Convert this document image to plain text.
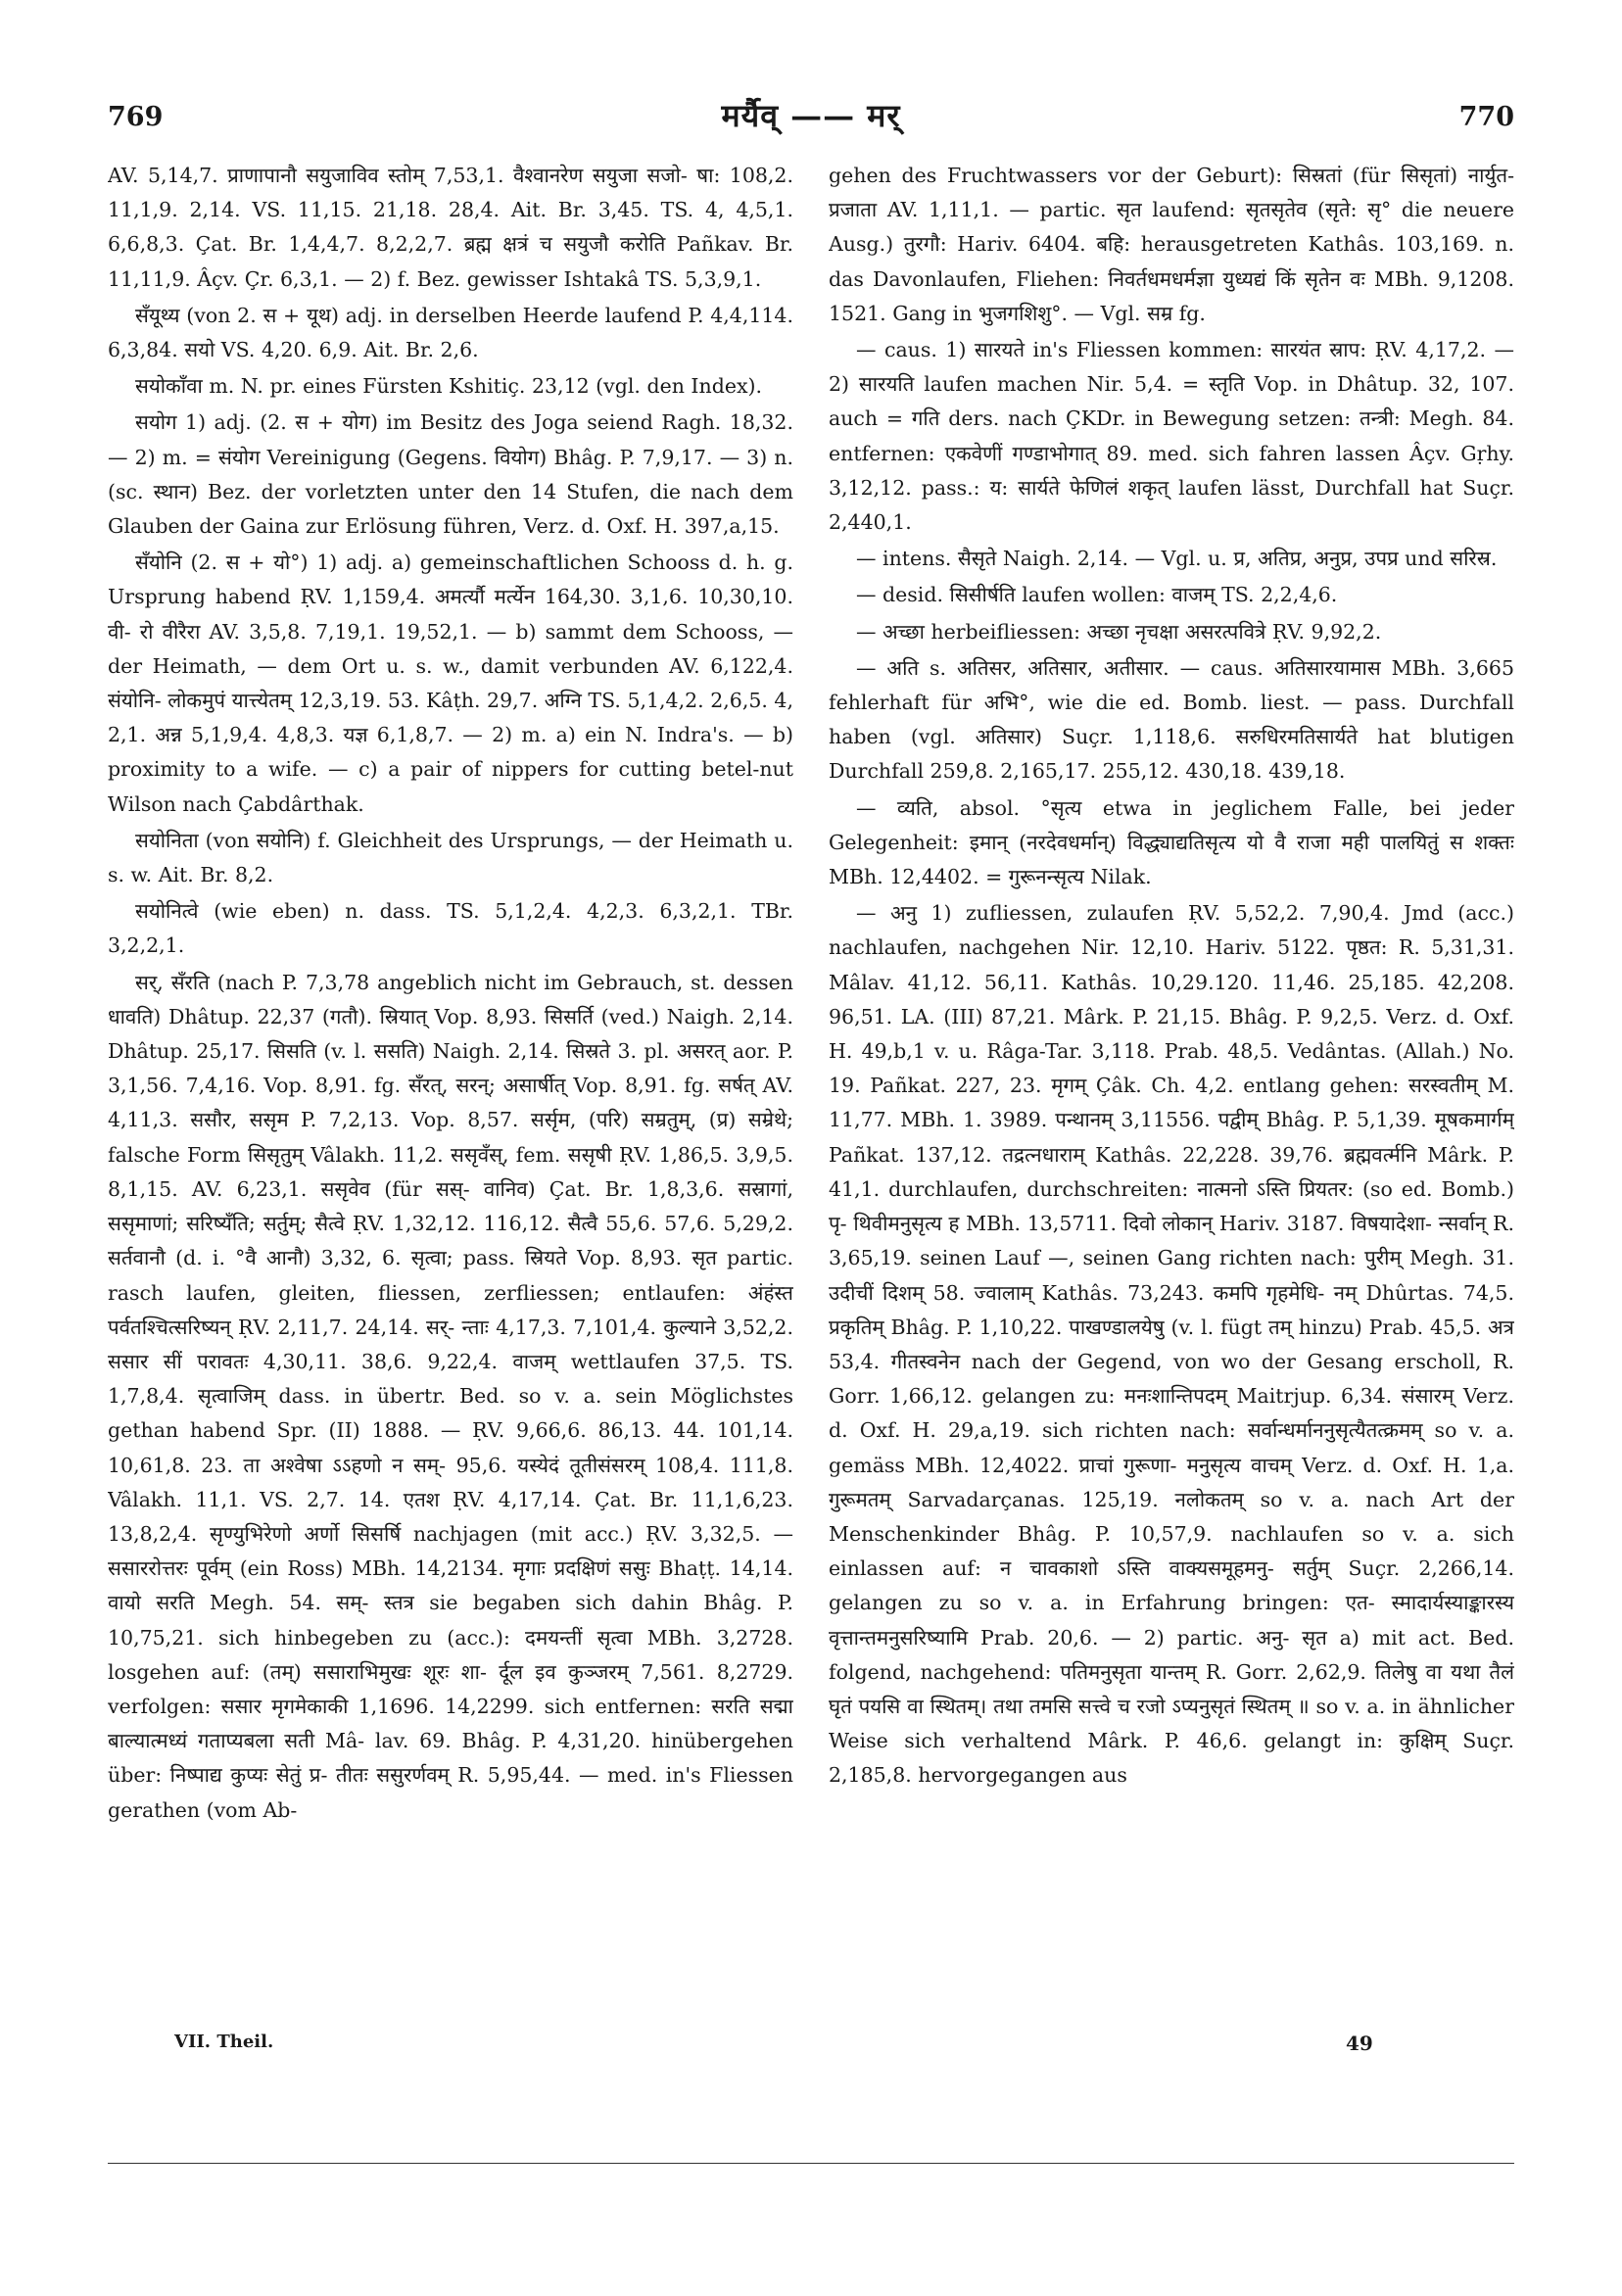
769	मर्यैव् —— मर्	770

AV. 5,14,7. प्राणापानौ सयुजाविव स्तोम् 7,53,1. वैश्वानरेण सयुजा सजो- षा: 108,2. 11,1,9. 2,14. VS. 11,15. 21,18. 28,4. Ait. Br. 3,45. TS. 4, 4,5,1. 6,6,8,3. Çat. Br. 1,4,4,7. 8,2,2,7. ब्रह्म क्षत्रं च सयुजौ करोति Pañkav. Br. 11,11,9. Âçv. Çr. 6,3,1. — 2) f. Bez. gewisser Ishtakâ TS. 5,3,9,1.

सँयूथ्य (von 2. स + यूथ) adj. in derselben Heerde laufend P. 4,4,114. 6,3,84. सयो VS. 4,20. 6,9. Ait. Br. 2,6.

सयोकाँवा m. N. pr. eines Fürsten Kshitiç. 23,12 (vgl. den Index).

सयोग 1) adj. (2. स + योग) im Besitz des Joga seiend Ragh. 18,32. — 2) m. = संयोग Vereinigung (Gegens. वियोग) Bhâg. P. 7,9,17. — 3) n. (sc. स्थान) Bez. der vorletzten unter den 14 Stufen, die nach dem Glauben der Gaina zur Erlösung führen, Verz. d. Oxf. H. 397,a,15.

सँयोनि (2. स + यो°) 1) adj. a) gemeinschaftlichen Schooss d. h. g. Ursprung habend ṚV. 1,159,4. अमर्त्यौ मर्त्येन 164,30. 3,1,6. 10,30,10. वी- रो वीरैरा AV. 3,5,8. 7,19,1. 19,52,1. — b) sammt dem Schooss, — der Heimath, — dem Ort u. s. w., damit verbunden AV. 6,122,4. संयोनि- लोकमुपं यात्त्येतम् 12,3,19. 53. Kâṭh. 29,7. अग्नि TS. 5,1,4,2. 2,6,5. 4, 2,1. अन्न 5,1,9,4. 4,8,3. यज्ञ 6,1,8,7. — 2) m. a) ein N. Indra's. — b) proximity to a wife. — c) a pair of nippers for cutting betel-nut Wilson nach Çabdârthak.

सयोनिता (von सयोनि) f. Gleichheit des Ursprungs, — der Heimath u. s. w. Ait. Br. 8,2.

सयोनित्वे (wie eben) n. dass. TS. 5,1,2,4. 4,2,3. 6,3,2,1. TBr. 3,2,2,1.

सर्, सँरति (nach P. 7,3,78 angeblich nicht im Gebrauch, st. dessen धावति) Dhâtup. 22,37 (गतौ). स्रियात् Vop. 8,93. सिसर्ति (ved.) Naigh. 2,14. Dhâtup. 25,17. सिसति (v. l. ससति) Naigh. 2,14. सिस्रते 3. pl. असरत् aor. P. 3,1,56. 7,4,16. Vop. 8,91. fg. सँरत्, सरन्; असार्षीत् Vop. 8,91. fg. सर्षत् AV. 4,11,3. ससौर, ससृम P. 7,2,13. Vop. 8,57. सर्सृम, (परि) सम्रतुम्, (प्र) सम्रेथे; falsche Form सिसृतुम् Vâlakh. 11,2. ससृवँस्, fem. ससृषी ṚV. 1,86,5. 3,9,5. 8,1,15. AV. 6,23,1. ससृवेव (für सस्- वानिव) Çat. Br. 1,8,3,6. सस्रागां, ससृमाणां; सरिष्यँति; सर्तुम्; सैत्वे ṚV. 1,32,12. 116,12. सैत्वै 55,6. 57,6. 5,29,2. सर्तवानौ (d. i. °वै आनौ) 3,32, 6. सृत्वा; pass. स्रियते Vop. 8,93. सृत partic. rasch laufen, gleiten, fliessen, zerfliessen; entlaufen: अंहंस्त पर्वतश्चित्सरिष्यन् ṚV. 2,11,7. 24,14. सर्- न्ताः 4,17,3. 7,101,4. कुल्याने 3,52,2. ससार सीं परावतः 4,30,11. 38,6. 9,22,4. वाजम् wettlaufen 37,5. TS. 1,7,8,4. सृत्वाजिम् dass. in übertr. Bed. so v. a. sein Möglichstes gethan habend Spr. (II) 1888. — ṚV. 9,66,6. 86,13. 44. 101,14. 10,61,8. 23. ता अश्वेषा ऽऽहणो न सम्- 95,6. यस्येदं तूतीसंसरम् 108,4. 111,8. Vâlakh. 11,1. VS. 2,7. 14. एतश ṚV. 4,17,14. Çat. Br. 11,1,6,23. 13,8,2,4. सृण्युभिरेणो अर्णो सिसर्षि nachjagen (mit acc.) ṚV. 3,32,5. — ससाररोत्तरः पूर्वम् (ein Ross) MBh. 14,2134. मृगाः प्रदक्षिणं ससुः Bhaṭṭ. 14,14. वायो सरति Megh. 54. सम्- स्तत्र sie begaben sich dahin Bhâg. P. 10,75,21. sich hinbegeben zu (acc.): दमयन्तीं सृत्वा MBh. 3,2728. losgehen auf: (तम्) ससाराभिमुखः शूरः शा- र्दूल इव कुञ्जरम् 7,561. 8,2729. verfolgen: ससार मृगमेकाकी 1,1696. 14,2299. sich entfernen: सरति सद्मा बाल्यात्मध्यं गताप्यबला सती Mâ- lav. 69. Bhâg. P. 4,31,20. hinübergehen über: निष्पाद्य कुप्यः सेतुं प्र- तीतः ससुरर्णवम् R. 5,95,44. — med. in's Fliessen gerathen (vom Ab-

gehen des Fruchtwassers vor der Geburt): सिस्रतां (für सिसृतां) नार्युत- प्रजाता AV. 1,11,1. — partic. सृत laufend: सृतसृतेव (सृते: सृ° die neuere Ausg.) तुरगौ: Hariv. 6404. बहि: herausgetreten Kathâs. 103,169. n. das Davonlaufen, Fliehen: निवर्तधमधर्मज्ञा युध्यद्यं किं सृतेन वः MBh. 9,1208. 1521. Gang in भुजगशिशु°. — Vgl. सम्र fg.

— caus. 1) सारयते in's Fliessen kommen: सारयंत स्राप: ṚV. 4,17,2. — 2) सारयति laufen machen Nir. 5,4. = स्तृति Vop. in Dhâtup. 32, 107. auch = गति ders. nach ÇKDr. in Bewegung setzen: तन्त्री: Megh. 84. entfernen: एकवेणीं गण्डाभोगात् 89. med. sich fahren lassen Âçv. Gṛhy. 3,12,12. pass.: य: सार्यते फेणिलं शकृत् laufen lässt, Durchfall hat Suçr. 2,440,1.

— intens. सैसृते Naigh. 2,14. — Vgl. u. प्र, अतिप्र, अनुप्र, उपप्र und सरिस्र.

— desid. सिसीर्षति laufen wollen: वाजम् TS. 2,2,4,6.

— अच्छा herbeifliessen: अच्छा नृचक्षा असरत्पवित्रे ṚV. 9,92,2.

— अति s. अतिसर, अतिसार, अतीसार. — caus. अतिसारयामास MBh. 3,665 fehlerhaft für अभि°, wie die ed. Bomb. liest. — pass. Durchfall haben (vgl. अतिसार) Suçr. 1,118,6. सरुधिरमतिसार्यते hat blutigen Durchfall 259,8. 2,165,17. 255,12. 430,18. 439,18.

— व्यति, absol. °सृत्य etwa in jeglichem Falle, bei jeder Gelegenheit: इमान् (नरदेवधर्मान्) विद्ध्याद्यतिसृत्य यो वै राजा मही पालयितुं स शक्तः MBh. 12,4402. = गुरूनन्सृत्य Nilak.

— अनु 1) zufliessen, zulaufen ṚV. 5,52,2. 7,90,4. Jmd (acc.) nachlaufen, nachgehen Nir. 12,10. Hariv. 5122. पृष्ठत: R. 5,31,31. Mâlav. 41,12. 56,11. Kathâs. 10,29.120. 11,46. 25,185. 42,208. 96,51. LA. (III) 87,21. Mârk. P. 21,15. Bhâg. P. 9,2,5. Verz. d. Oxf. H. 49,b,1 v. u. Râga-Tar. 3,118. Prab. 48,5. Vedântas. (Allah.) No. 19. Pañkat. 227, 23. मृगम् Çâk. Ch. 4,2. entlang gehen: सरस्वतीम् M. 11,77. MBh. 1. 3989. पन्थानम् 3,11556. पद्वीम् Bhâg. P. 5,1,39. मूषकमार्गम् Pañkat. 137,12. तद्रत्नधाराम् Kathâs. 22,228. 39,76. ब्रह्मवर्त्मनि Mârk. P. 41,1. durchlaufen, durchschreiten: नात्मनो ऽस्ति प्रियतर: (so ed. Bomb.) पृ- थिवीमनुसृत्य ह MBh. 13,5711. दिवो लोकान् Hariv. 3187. विषयादेशा- न्सर्वान् R. 3,65,19. seinen Lauf —, seinen Gang richten nach: पुरीम् Megh. 31. उदीचीं दिशम् 58. ज्वालाम् Kathâs. 73,243. कमपि गृहमेधि- नम् Dhûrtas. 74,5. प्रकृतिम् Bhâg. P. 1,10,22. पाखण्डालयेषु (v. l. fügt तम् hinzu) Prab. 45,5. अत्र 53,4. गीतस्वनेन nach der Gegend, von wo der Gesang erscholl, R. Gorr. 1,66,12. gelangen zu: मनःशान्तिपदम् Maitrjup. 6,34. संसारम् Verz. d. Oxf. H. 29,a,19. sich richten nach: सर्वान्धर्माननुसृत्यैतत्क्रमम् so v. a. gemäss MBh. 12,4022. प्राचां गुरूणा- मनुसृत्य वाचम् Verz. d. Oxf. H. 1,a. गुरूमतम् Sarvadarçanas. 125,19. नलोकतम् so v. a. nach Art der Menschenkinder Bhâg. P. 10,57,9. nachlaufen so v. a. sich einlassen auf: न चावकाशो ऽस्ति वाक्यसमूहमनु- सर्तुम् Suçr. 2,266,14. gelangen zu so v. a. in Erfahrung bringen: एत- स्मादार्यस्याङ्कारस्य वृत्तान्तमनुसरिष्यामि Prab. 20,6. — 2) partic. अनु- सृत a) mit act. Bed. folgend, nachgehend: पतिमनुसृता यान्तम् R. Gorr. 2,62,9. तिलेषु वा यथा तैलं घृतं पयसि वा स्थितम्। तथा तमसि सत्त्वे च रजो ऽप्यनुसृतं स्थितम् ॥ so v. a. in ähnlicher Weise sich verhaltend Mârk. P. 46,6. gelangt in: कुक्षिम् Suçr. 2,185,8. hervorgegangen aus

VII. Theil.	49
